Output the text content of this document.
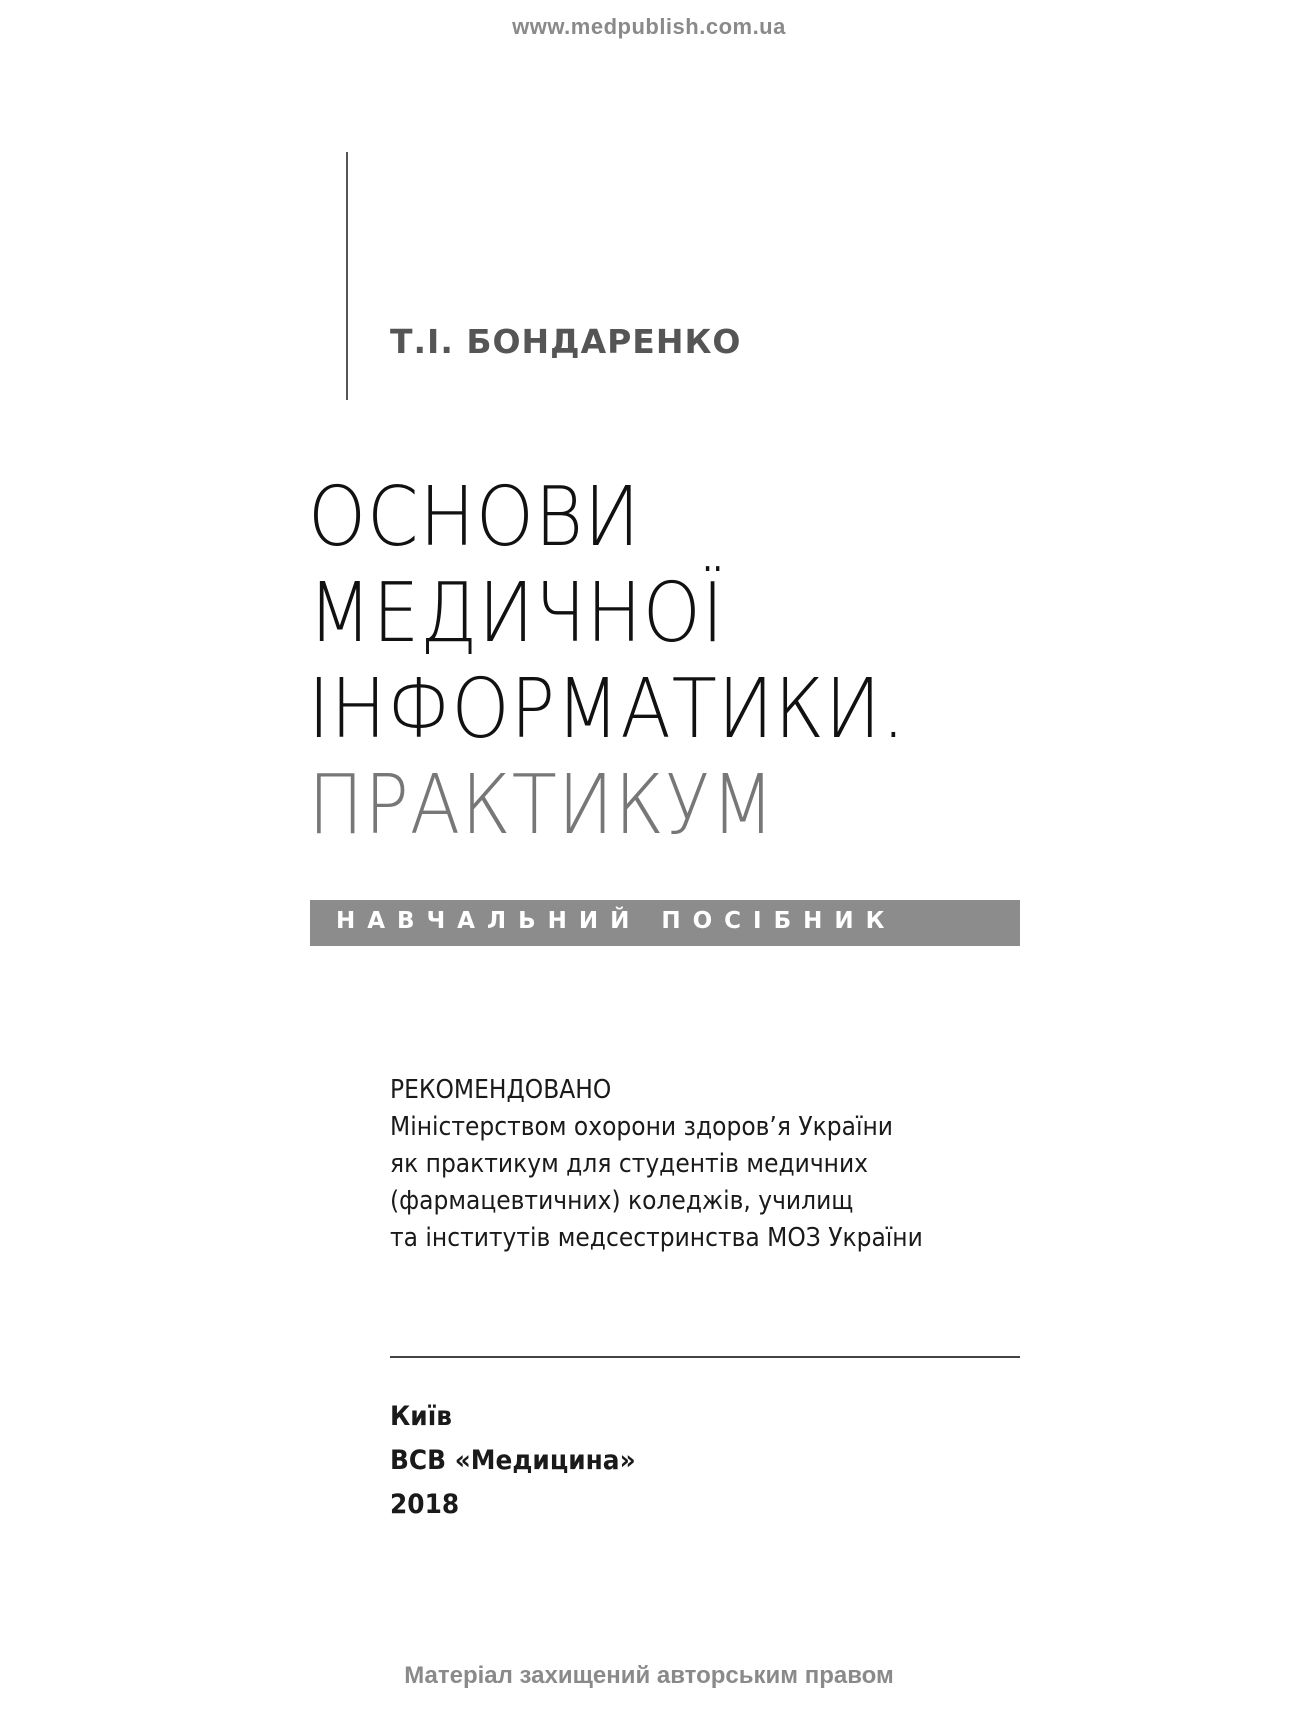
www.medpublish.com.ua
Т.І. БОНДАРЕНКО
ОСНОВИ
МЕДИЧНОЇ
ІНФОРМАТИКИ.
ПРАКТИКУМ
НАВЧАЛЬНИЙ ПОСІБНИК
РЕКОМЕНДОВАНО
Міністерством охорони здоров’я України
як практикум для студентів медичних
(фармацевтичних) коледжів, училищ
та інститутів медсестринства МОЗ України
Київ
ВСВ «Медицина»
2018
Матеріал захищений авторським правом
